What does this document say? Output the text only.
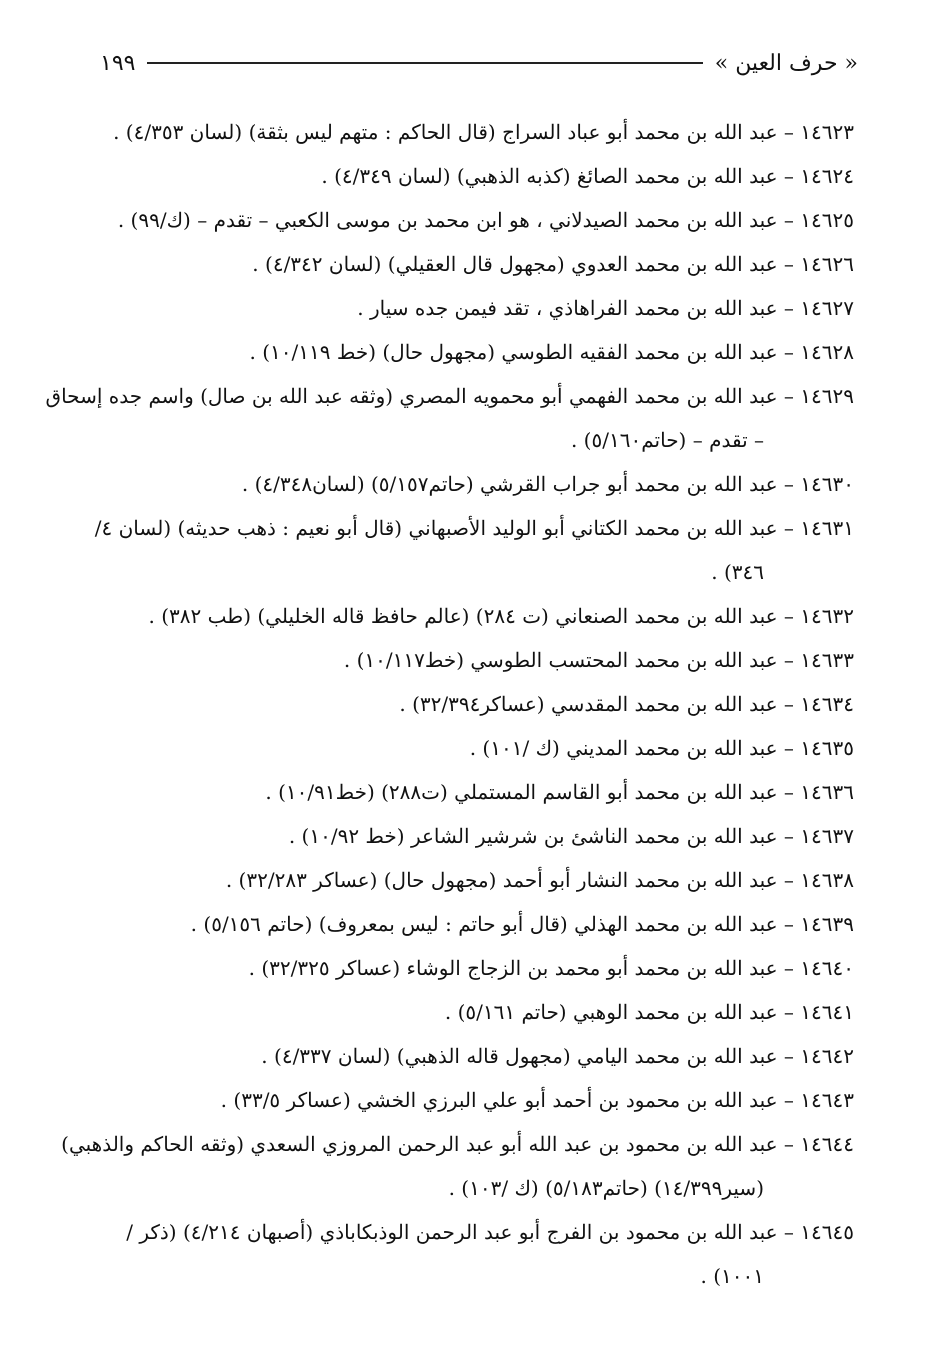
« حرف العين »
١٩٩
١٤٦٢٣ – عبد الله بن محمد أبو عباد السراج (قال الحاكم : متهم ليس بثقة) (لسان ٤/٣٥٣) .
١٤٦٢٤ – عبد الله بن محمد الصائغ (كذبه الذهبي) (لسان ٤/٣٤٩) .
١٤٦٢٥ – عبد الله بن محمد الصيدلاني ، هو ابن محمد بن موسى الكعبي – تقدم – (ك/٩٩) .
١٤٦٢٦ – عبد الله بن محمد العدوي (مجهول قال العقيلي) (لسان ٤/٣٤٢) .
١٤٦٢٧ – عبد الله بن محمد الفراهاذي ، تقد فيمن جده سيار .
١٤٦٢٨ – عبد الله بن محمد الفقيه الطوسي (مجهول حال) (خط ١٠/١١٩) .
١٤٦٢٩ – عبد الله بن محمد الفهمي أبو محمويه المصري (وثقه عبد الله بن صال) واسم جده إسحاق
– تقدم – (حاتم٥/١٦٠) .
١٤٦٣٠ – عبد الله بن محمد أبو جراب القرشي (حاتم٥/١٥٧) (لسان٤/٣٤٨) .
١٤٦٣١ – عبد الله بن محمد الكتاني أبو الوليد الأصبهاني (قال أبو نعيم : ذهب حديثه) (لسان ٤/
٣٤٦) .
١٤٦٣٢ – عبد الله بن محمد الصنعاني (ت ٢٨٤) (عالم حافظ قاله الخليلي) (طب ٣٨٢) .
١٤٦٣٣ – عبد الله بن محمد المحتسب الطوسي (خط١٠/١١٧) .
١٤٦٣٤ – عبد الله بن محمد المقدسي (عساكر٣٢/٣٩٤) .
١٤٦٣٥ – عبد الله بن محمد المديني (ك /١٠١) .
١٤٦٣٦ – عبد الله بن محمد أبو القاسم المستملي (ت٢٨٨) (خط١٠/٩١) .
١٤٦٣٧ – عبد الله بن محمد الناشئ بن شرشير الشاعر (خط ١٠/٩٢) .
١٤٦٣٨ – عبد الله بن محمد النشار أبو أحمد (مجهول حال) (عساكر ٣٢/٢٨٣) .
١٤٦٣٩ – عبد الله بن محمد الهذلي (قال أبو حاتم : ليس بمعروف) (حاتم ٥/١٥٦) .
١٤٦٤٠ – عبد الله بن محمد أبو محمد بن الزجاج الوشاء (عساكر ٣٢/٣٢٥) .
١٤٦٤١ – عبد الله بن محمد الوهبي (حاتم ٥/١٦١) .
١٤٦٤٢ – عبد الله بن محمد اليامي (مجهول قاله الذهبي) (لسان ٤/٣٣٧) .
١٤٦٤٣ – عبد الله بن محمود بن أحمد أبو علي البرزي الخشي (عساكر ٣٣/٥) .
١٤٦٤٤ – عبد الله بن محمود بن عبد الله أبو عبد الرحمن المروزي السعدي (وثقه الحاكم والذهبي)
(سير١٤/٣٩٩) (حاتم٥/١٨٣) (ك /١٠٣) .
١٤٦٤٥ – عبد الله بن محمود بن الفرج أبو عبد الرحمن الوذبكاباذي (أصبهان ٤/٢١٤) (ذكر /
١٠٠١) .
